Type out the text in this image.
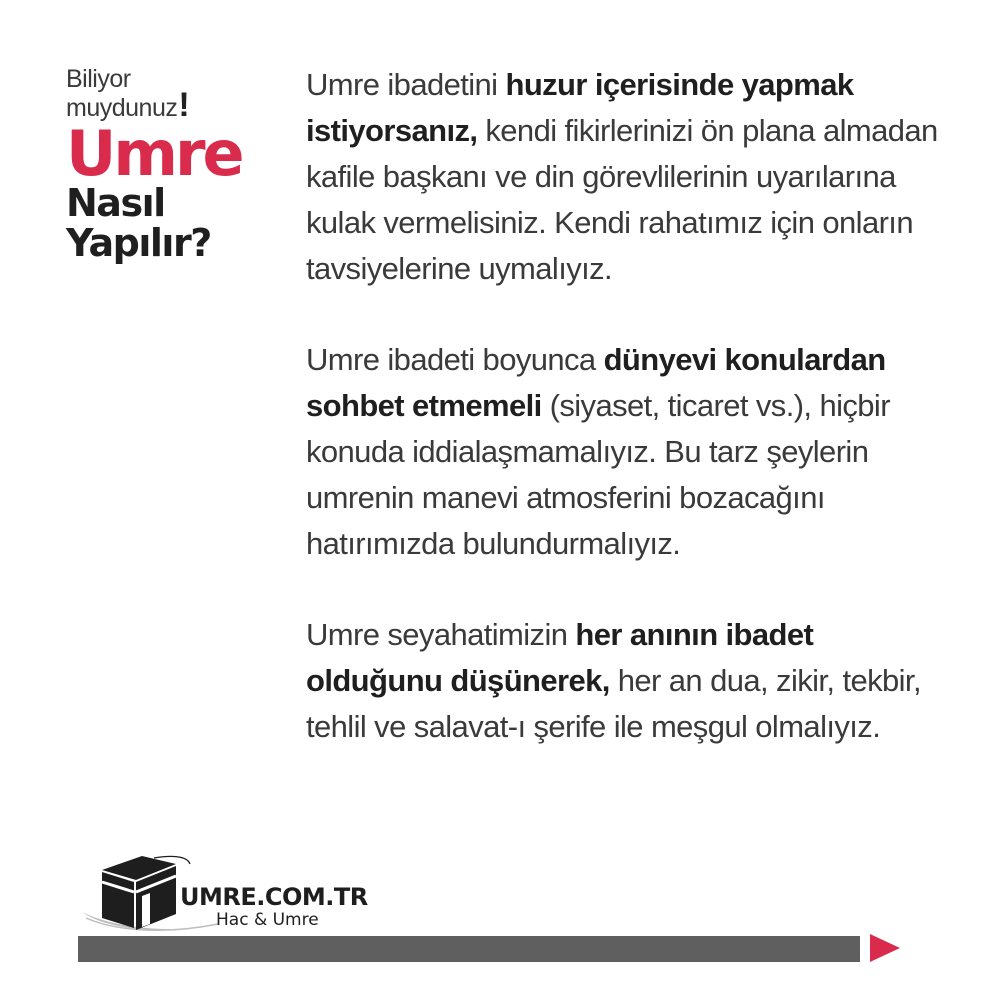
Biliyor
muydunuz!
Umre
Nasıl
Yapılır?

Umre ibadetini huzur içerisinde yapmak istiyorsanız, kendi fikirlerinizi ön plana almadan kafile başkanı ve din görevlilerinin uyarılarına kulak vermelisiniz. Kendi rahatımız için onların tavsiyelerine uymalıyız.

Umre ibadeti boyunca dünyevi konulardan sohbet etmemeli (siyaset, ticaret vs.), hiçbir konuda iddialaşmamalıyız. Bu tarz şeylerin umrenin manevi atmosferini bozacağını hatırımızda bulundurmalıyız.

Umre seyahatimizin her anının ibadet olduğunu düşünerek, her an dua, zikir, tekbir, tehlil ve salavat-ı şerife ile meşgul olmalıyız.

UMRE.COM.TR
Hac & Umre
